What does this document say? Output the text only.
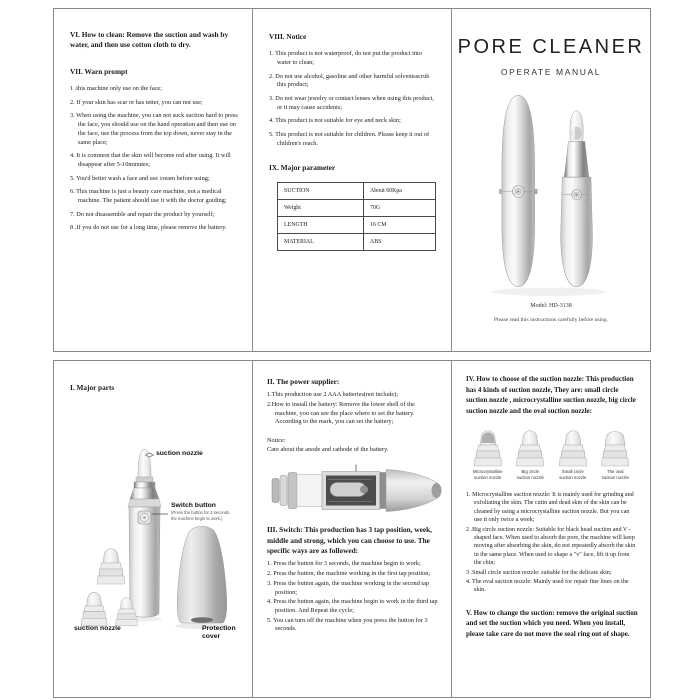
VI. How to clean: Remove the suction and wash by water, and then use cotton cloth to dry.

VII. Warn prompt

1 .this machine only use on the face;

2. If your skin has scar or has tetter, you can not use;

3. When using the machine, you can not suck suction hard to press the face, you should use on the hand operation and then use on the face, use the process from the top down, never stay in the same place;

4. It is common that the skin will become red after using. It will disappear after 5-10minutes;

5. You'd better wash a face and use cream before using;

6. This machine is just a beauty care machine, not a medical machine. The patient should use it with the doctor guiding;

7. Do not disassemble and repair the product by yourself;

8 .If you do not use for a long time, please remove the battery.

VIII. Notice

1. This product is not waterproof, do not put the product into water to clean;

2. Do not use alcohol, gasoline and other harmful solventsscrub this product;

3. Do not wear jewelry or contact lenses when using this product, or it may cause accidents;

4. This product is not suitable for eye and neck skin;

5. This product is not suitable for children. Please keep it out of children's reach.

IX. Major parameter

SUCTION	About 60Kpa
Weight	70G
LENGTH	16 CM
MATERIAL	ABS

PORE CLEANER

OPERATE MANUAL
Model: HD-3138
Please read this instructions carefully before using.

I. Major parts

suction nozzle
Switch button
(Press the button for 3 seconds,
the machine begin to work.)
suction nozzle	Protection
cover

II. The power supplier:

1.This production use 2 AAA batteries(not include);

2.How to install the battery: Remove the lower shell of the machine, you can see the place where to set the battery. According to the mark, you can set the battery;

Notice:
Care about the anode and cathode of the battery.

III. Switch: This production has 3 tap position, week, middle and strong, which you can choose to use. The specific ways are as followed:

1. Press the button for 3 seconds, the machine begin to work;

2. Press the button, the machine working in the first tap position;

3. Press the button again, the machine working in the second tap position;

4. Press the button again, the machine begin to work in the third tap position. And Repeat the cycle;

5. You can turn off the machine when you press the button for 3 seconds.

IV. How to choose of the suction nozzle: This production has 4 kinds of suction nozzle, They are: small circle suction nozzle , microcrystalline suction nozzle, big circle suction nozzle and the oval suction nozzle:

Microcrystalline
suction nozzle
Big circle
suction nozzle
Small circle
suction nozzle
The oval
suction nozzle

1. Microcrystalline suction nozzle: It is mainly used for grinding and exfoliating the skin. The cutin and dead skin of the skin can be cleaned by using a microcrystalline suction nozzle. But you can use it only twice a week;

2 .Big circle suction nozzle: Suitable for black head suction and V - shaped face. When used to absorb the pore, the machine will keep moving after absorbing the skin, do not repeatedly absorb the skin in the same place. When used to shape a "v" face, lift it up from the chin;

3 .Small circle suction nozzle: suitable for the delicate skin;

4. The oval suction nozzle: Mainly used for repair fine lines on the skin.

V. How to change the suction: remove the original suction and set the suction which you need. When you install, please take care do not move the seal ring out of shape.
